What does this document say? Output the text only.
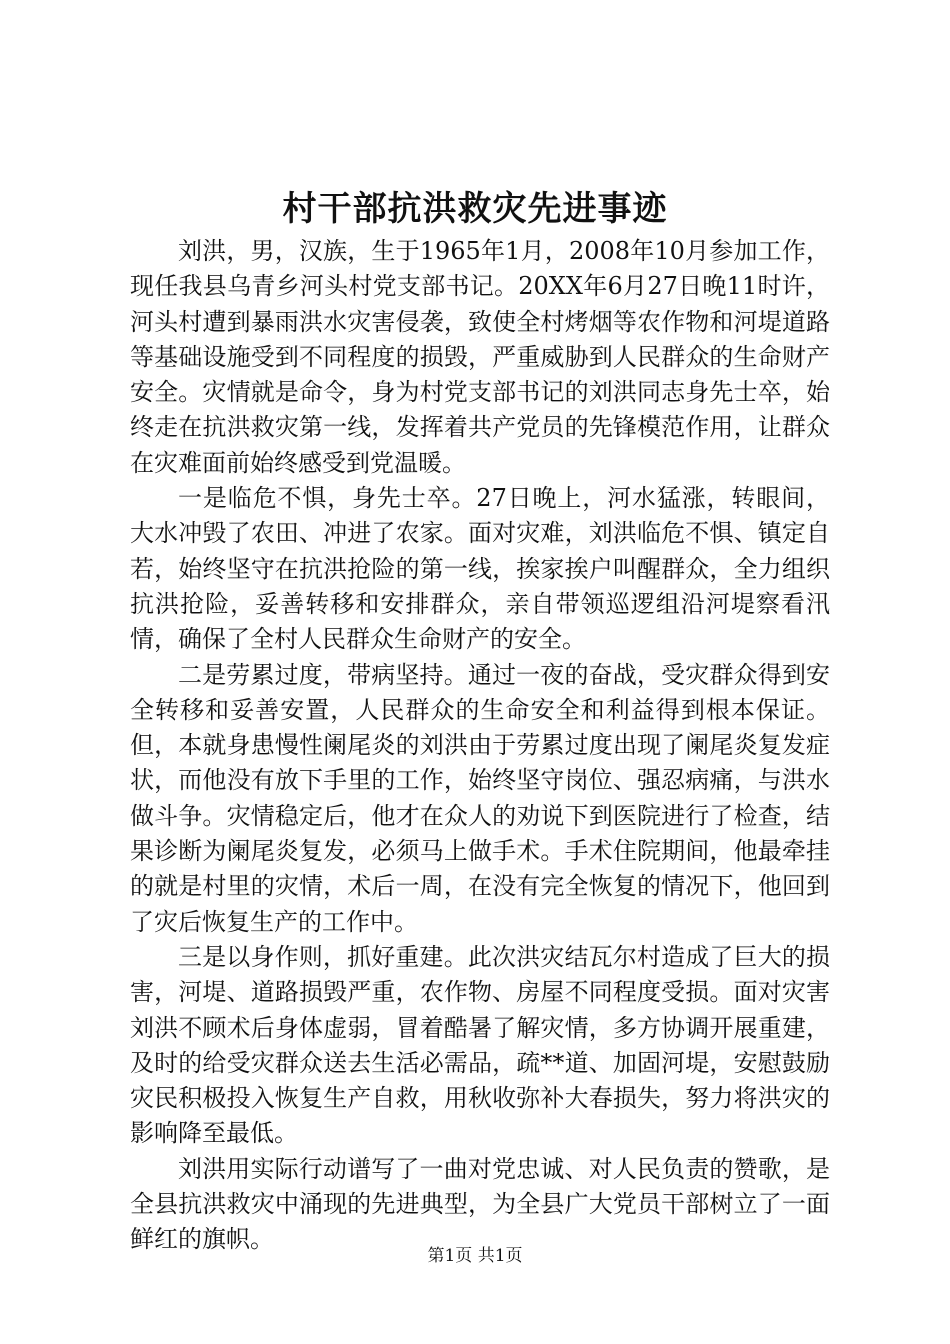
村干部抗洪救灾先进事迹

刘洪，男，汉族，生于1965年1月，2008年10月参加工作，现任我县乌青乡河头村党支部书记。20XX年6月27日晚11时许，河头村遭到暴雨洪水灾害侵袭，致使全村烤烟等农作物和河堤道路等基础设施受到不同程度的损毁，严重威胁到人民群众的生命财产安全。灾情就是命令，身为村党支部书记的刘洪同志身先士卒，始终走在抗洪救灾第一线，发挥着共产党员的先锋模范作用，让群众在灾难面前始终感受到党温暖。

一是临危不惧，身先士卒。27日晚上，河水猛涨，转眼间，大水冲毁了农田、冲进了农家。面对灾难，刘洪临危不惧、镇定自若，始终坚守在抗洪抢险的第一线，挨家挨户叫醒群众，全力组织抗洪抢险，妥善转移和安排群众，亲自带领巡逻组沿河堤察看汛情，确保了全村人民群众生命财产的安全。

二是劳累过度，带病坚持。通过一夜的奋战，受灾群众得到安全转移和妥善安置，人民群众的生命安全和利益得到根本保证。但，本就身患慢性阑尾炎的刘洪由于劳累过度出现了阑尾炎复发症状，而他没有放下手里的工作，始终坚守岗位、强忍病痛，与洪水做斗争。灾情稳定后，他才在众人的劝说下到医院进行了检查，结果诊断为阑尾炎复发，必须马上做手术。手术住院期间，他最牵挂的就是村里的灾情，术后一周，在没有完全恢复的情况下，他回到了灾后恢复生产的工作中。

三是以身作则，抓好重建。此次洪灾结瓦尔村造成了巨大的损害，河堤、道路损毁严重，农作物、房屋不同程度受损。面对灾害刘洪不顾术后身体虚弱，冒着酷暑了解灾情，多方协调开展重建，及时的给受灾群众送去生活必需品，疏**道、加固河堤，安慰鼓励灾民积极投入恢复生产自救，用秋收弥补大春损失，努力将洪灾的影响降至最低。

刘洪用实际行动谱写了一曲对党忠诚、对人民负责的赞歌，是全县抗洪救灾中涌现的先进典型，为全县广大党员干部树立了一面鲜红的旗帜。

第1页 共1页
